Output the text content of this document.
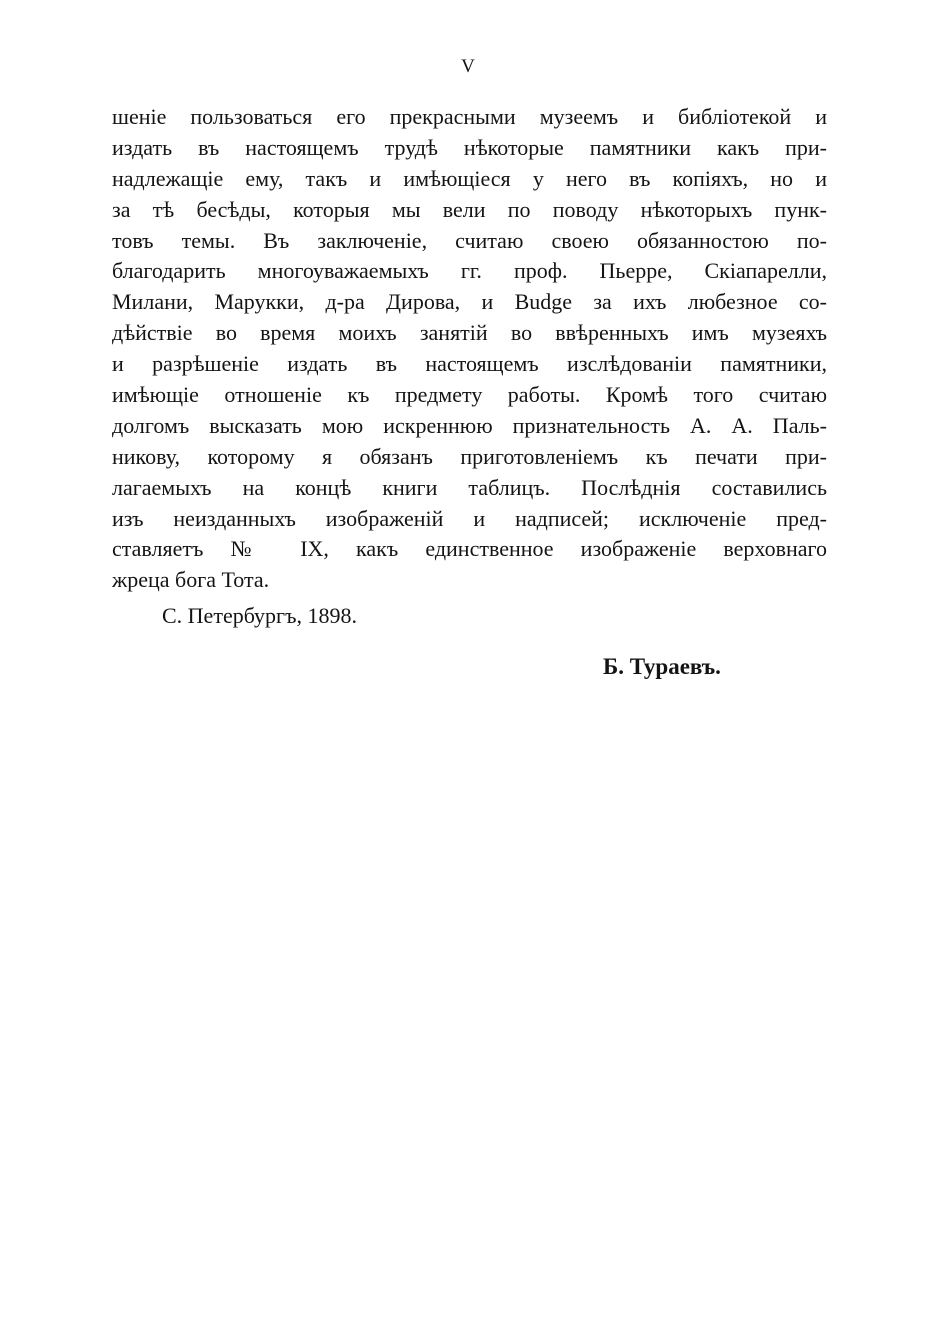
V
шеніе пользоваться его прекрасными музеемъ и библіотекой и
издать въ настоящемъ трудѣ нѣкоторые памятники какъ при-
надлежащіе ему, такъ и имѣющіеся у него въ копіяхъ, но и
за тѣ бесѣды, которыя мы вели по поводу нѣкоторыхъ пунк-
товъ темы. Въ заключеніе, считаю своею обязанностою по-
благодарить многоуважаемыхъ гг. проф. Пьерре, Скіапарелли,
Милани, Марукки, д-ра Дирова, и Budge за ихъ любезное со-
дѣйствіе во время моихъ занятій во ввѣренныхъ имъ музеяхъ
и разрѣшеніе издать въ настоящемъ изслѣдованіи памятники,
имѣющіе отношеніе къ предмету работы. Кромѣ того считаю
долгомъ высказать мою искреннюю признательность А. А. Паль-
никову, которому я обязанъ приготовленіемъ къ печати при-
лагаемыхъ на концѣ книги таблицъ. Послѣднія составились
изъ неизданныхъ изображеній и надписей; исключеніе пред-
ставляетъ № IX, какъ единственное изображеніе верховнаго
жреца бога Тота.
С. Петербургъ, 1898.
Б. Тураевъ.
